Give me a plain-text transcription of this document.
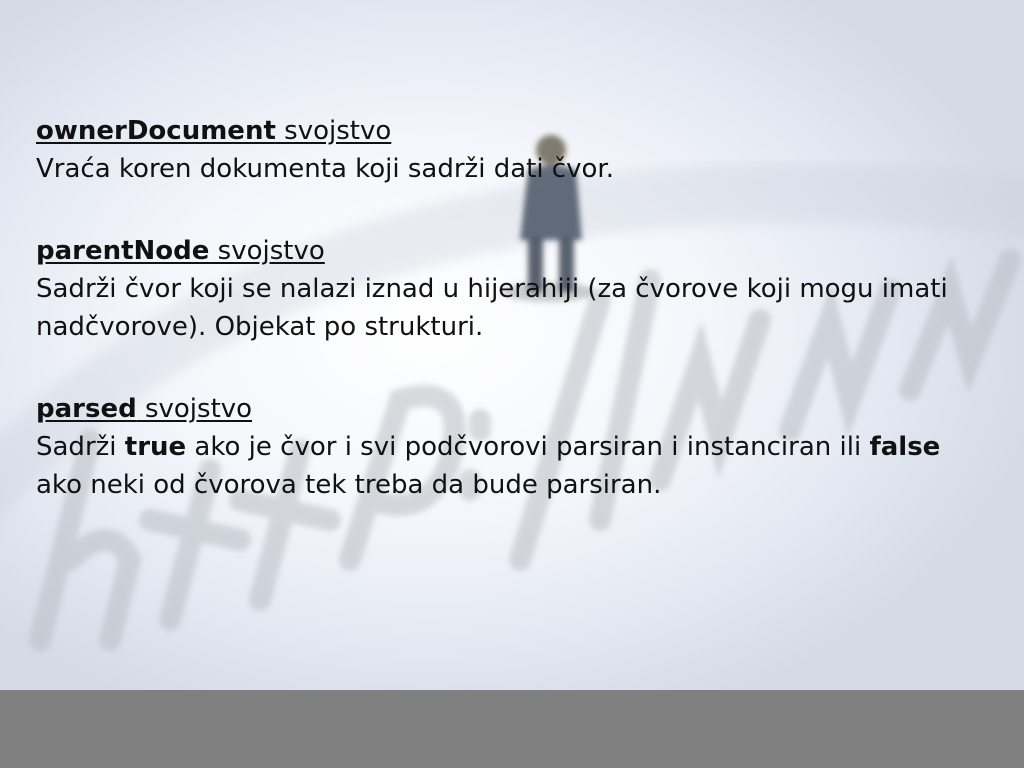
ownerDocument svojstvo

Vraća koren dokumenta koji sadrži dati čvor.

parentNode svojstvo

Sadrži čvor koji se nalazi iznad u hijerahiji (za čvorove koji mogu imati nadčvorove). Objekat po strukturi.

parsed svojstvo

Sadrži true ako je čvor i svi podčvorovi parsiran i instanciran ili false ako neki od čvorova tek treba da bude parsiran.
